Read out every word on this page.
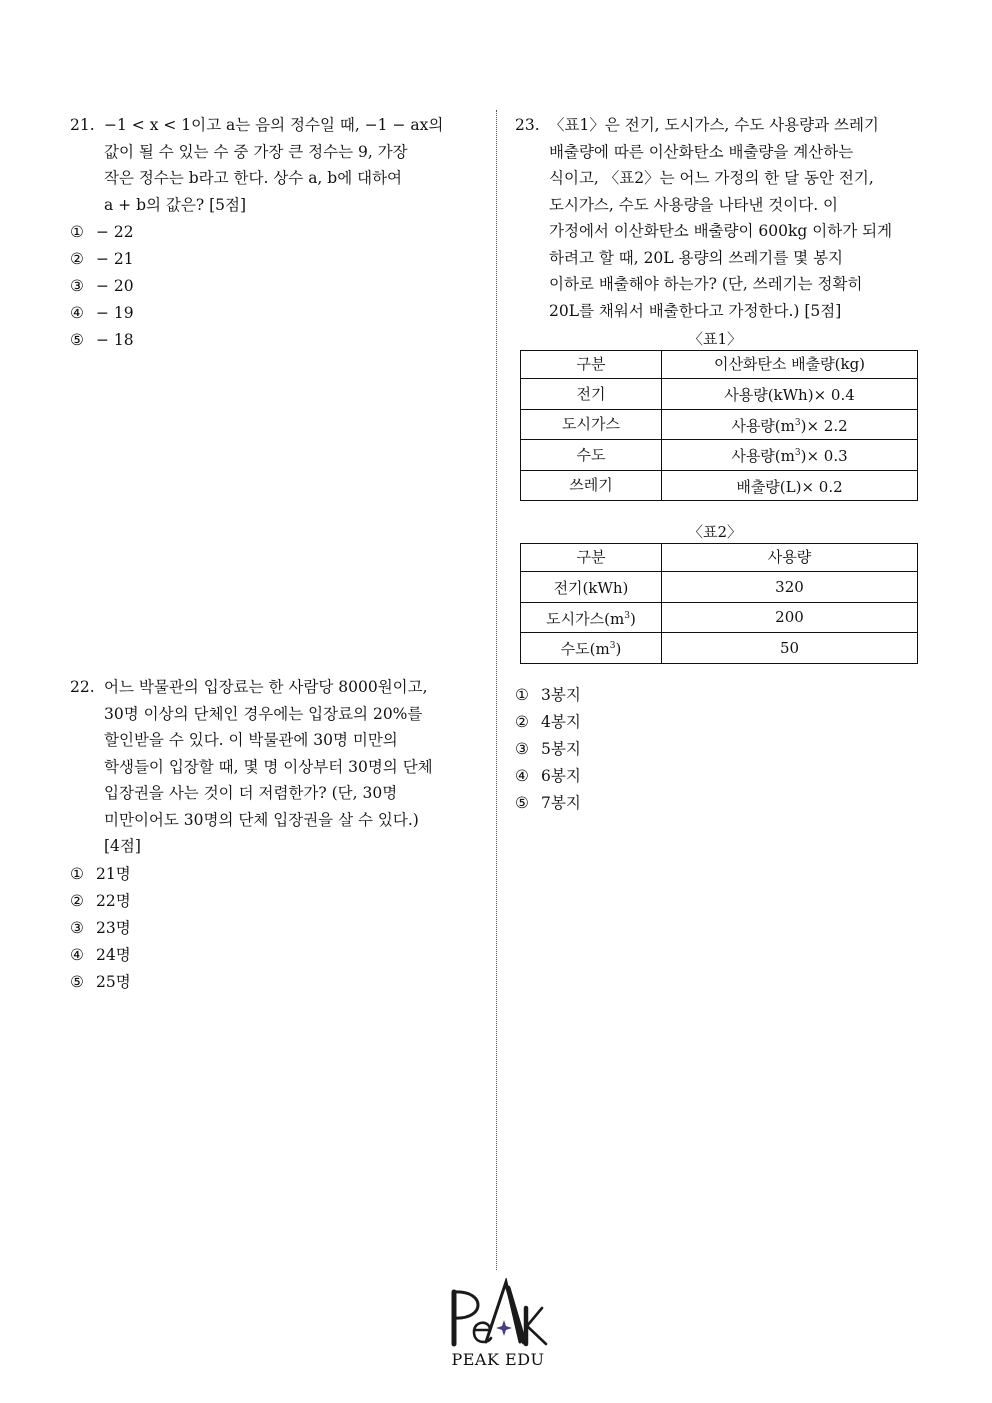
21. −1 < x < 1이고 a는 음의 정수일 때, −1 − ax의
값이 될 수 있는 수 중 가장 큰 정수는 9, 가장
작은 정수는 b라고 한다. 상수 a, b에 대하여
a + b의 값은? [5점]
① − 22
② − 21
③ − 20
④ − 19
⑤ − 18
22. 어느 박물관의 입장료는 한 사람당 8000원이고,
30명 이상의 단체인 경우에는 입장료의 20%를
할인받을 수 있다. 이 박물관에 30명 미만의
학생들이 입장할 때, 몇 명 이상부터 30명의 단체
입장권을 사는 것이 더 저렴한가? (단, 30명
미만이어도 30명의 단체 입장권을 살 수 있다.)
[4점]
① 21명
② 22명
③ 23명
④ 24명
⑤ 25명
23. 〈표1〉은 전기, 도시가스, 수도 사용량과 쓰레기
배출량에 따른 이산화탄소 배출량을 계산하는
식이고, 〈표2〉는 어느 가정의 한 달 동안 전기,
도시가스, 수도 사용량을 나타낸 것이다. 이
가정에서 이산화탄소 배출량이 600kg 이하가 되게
하려고 할 때, 20L 용량의 쓰레기를 몇 봉지
이하로 배출해야 하는가? (단, 쓰레기는 정확히
20L를 채워서 배출한다고 가정한다.) [5점]
〈표1〉
구분	이산화탄소 배출량(kg)
전기	사용량(kWh)× 0.4
도시가스	사용량$(m^3)\times 2.2$
수도	사용량$(m^3)\times 0.3$
쓰레기	배출량(L)× 0.2
〈표2〉
구분	사용량
전기(kWh)	320
도시가스$(m^3)$	200
수도$(m^3)$	50
① 3봉지
② 4봉지
③ 5봉지
④ 6봉지
⑤ 7봉지
PEAK EDU
